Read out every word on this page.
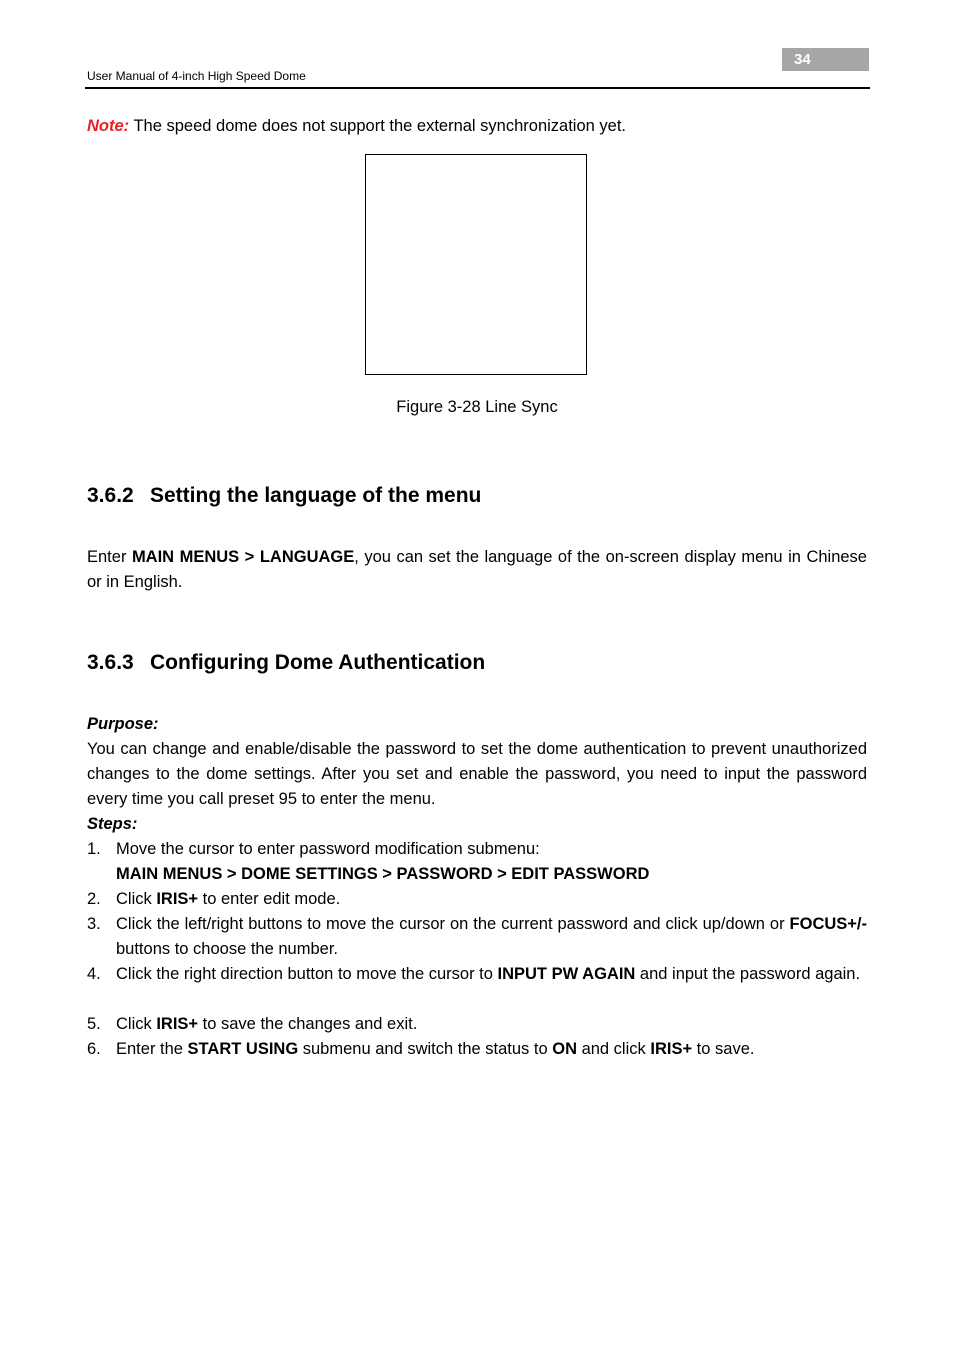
34
User Manual of 4-inch High Speed Dome
Note: The speed dome does not support the external synchronization yet.
Figure 3-28 Line Sync
3.6.2 Setting the language of the menu
Enter MAIN MENUS > LANGUAGE, you can set the language of the on-screen display menu in Chinese or in English.
3.6.3 Configuring Dome Authentication
Purpose:
You can change and enable/disable the password to set the dome authentication to prevent unauthorized changes to the dome settings. After you set and enable the password, you need to input the password every time you call preset 95 to enter the menu.
Steps:
1. Move the cursor to enter password modification submenu:
MAIN MENUS > DOME SETTINGS > PASSWORD > EDIT PASSWORD
2. Click IRIS+ to enter edit mode.
3. Click the left/right buttons to move the cursor on the current password and click up/down or FOCUS+/- buttons to choose the number.
4. Click the right direction button to move the cursor to INPUT PW AGAIN and input the password again.
5. Click IRIS+ to save the changes and exit.
6. Enter the START USING submenu and switch the status to ON and click IRIS+ to save.
